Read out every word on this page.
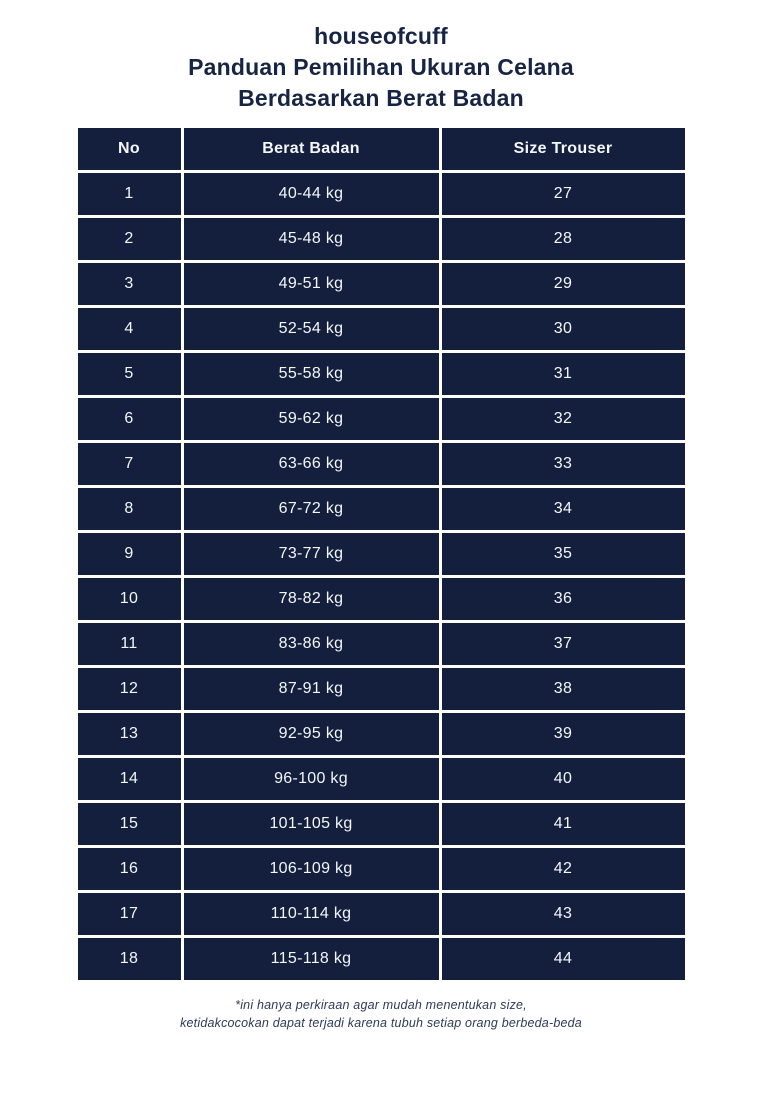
houseofcuff
Panduan Pemilihan Ukuran Celana
Berdasarkan Berat Badan
No	Berat Badan	Size Trouser
1	40-44 kg	27
2	45-48 kg	28
3	49-51 kg	29
4	52-54 kg	30
5	55-58 kg	31
6	59-62 kg	32
7	63-66 kg	33
8	67-72 kg	34
9	73-77 kg	35
10	78-82 kg	36
11	83-86 kg	37
12	87-91 kg	38
13	92-95 kg	39
14	96-100 kg	40
15	101-105 kg	41
16	106-109 kg	42
17	110-114 kg	43
18	115-118 kg	44
*ini hanya perkiraan agar mudah menentukan size,
ketidakcocokan dapat terjadi karena tubuh setiap orang berbeda-beda
